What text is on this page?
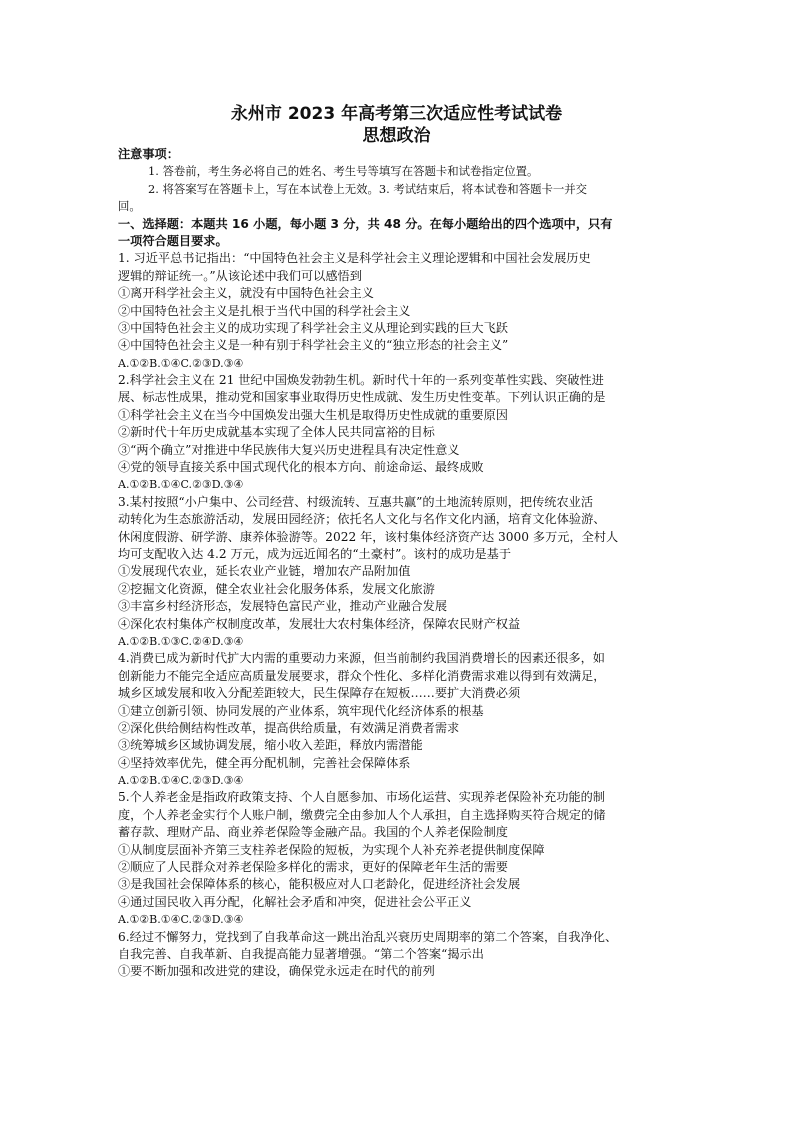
永州市 2023 年高考第三次适应性考试试卷
思想政治
注意事项：
1. 答卷前，考生务必将自己的姓名、考生号等填写在答题卡和试卷指定位置。
2. 将答案写在答题卡上，写在本试卷上无效。3. 考试结束后，将本试卷和答题卡一并交
回。
一、选择题：本题共 16 小题，每小题 3 分，共 48 分。在每小题给出的四个选项中，只有
一项符合题目要求。
1. 习近平总书记指出：“中国特色社会主义是科学社会主义理论逻辑和中国社会发展历史
逻辑的辩证统一。”从该论述中我们可以感悟到
①离开科学社会主义，就没有中国特色社会主义
②中国特色社会主义是扎根于当代中国的科学社会主义
③中国特色社会主义的成功实现了科学社会主义从理论到实践的巨大飞跃
④中国特色社会主义是一种有别于科学社会主义的“独立形态的社会主义”
A.①②B.①④C.②③D.③④
2.科学社会主义在 21 世纪中国焕发勃勃生机。新时代十年的一系列变革性实践、突破性进
展、标志性成果，推动党和国家事业取得历史性成就、发生历史性变革。下列认识正确的是
①科学社会主义在当今中国焕发出强大生机是取得历史性成就的重要原因
②新时代十年历史成就基本实现了全体人民共同富裕的目标
③“两个确立”对推进中华民族伟大复兴历史进程具有决定性意义
④党的领导直接关系中国式现代化的根本方向、前途命运、最终成败
A.①②B.①④C.②③D.③④
3.某村按照“小户集中、公司经营、村级流转、互惠共赢”的土地流转原则，把传统农业活
动转化为生态旅游活动，发展田园经济；依托名人文化与名作文化内涵，培育文化体验游、
休闲度假游、研学游、康养体验游等。2022 年，该村集体经济资产达 3000 多万元，全村人
均可支配收入达 4.2 万元，成为远近闻名的“土豪村”。该村的成功是基于
①发展现代农业，延长农业产业链，增加农产品附加值
②挖掘文化资源，健全农业社会化服务体系，发展文化旅游
③丰富乡村经济形态，发展特色富民产业，推动产业融合发展
④深化农村集体产权制度改革，发展壮大农村集体经济，保障农民财产权益
A.①②B.①③C.②④D.③④
4.消费已成为新时代扩大内需的重要动力来源，但当前制约我国消费增长的因素还很多，如
创新能力不能完全适应高质量发展要求，群众个性化、多样化消费需求难以得到有效满足，
城乡区域发展和收入分配差距较大，民生保障存在短板……要扩大消费必须
①建立创新引领、协同发展的产业体系，筑牢现代化经济体系的根基
②深化供给侧结构性改革，提高供给质量，有效满足消费者需求
③统筹城乡区域协调发展，缩小收入差距，释放内需潜能
④坚持效率优先，健全再分配机制，完善社会保障体系
A.①②B.①④C.②③D.③④
5.个人养老金是指政府政策支持、个人自愿参加、市场化运营、实现养老保险补充功能的制
度，个人养老金实行个人账户制，缴费完全由参加人个人承担，自主选择购买符合规定的储
蓄存款、理财产品、商业养老保险等金融产品。我国的个人养老保险制度
①从制度层面补齐第三支柱养老保险的短板，为实现个人补充养老提供制度保障
②顺应了人民群众对养老保险多样化的需求，更好的保障老年生活的需要
③是我国社会保障体系的核心，能积极应对人口老龄化，促进经济社会发展
④通过国民收入再分配，化解社会矛盾和冲突，促进社会公平正义
A.①②B.①④C.②③D.③④
6.经过不懈努力，党找到了自我革命这一跳出治乱兴衰历史周期率的第二个答案，自我净化、
自我完善、自我革新、自我提高能力显著增强。“第二个答案“揭示出
①要不断加强和改进党的建设，确保党永远走在时代的前列
